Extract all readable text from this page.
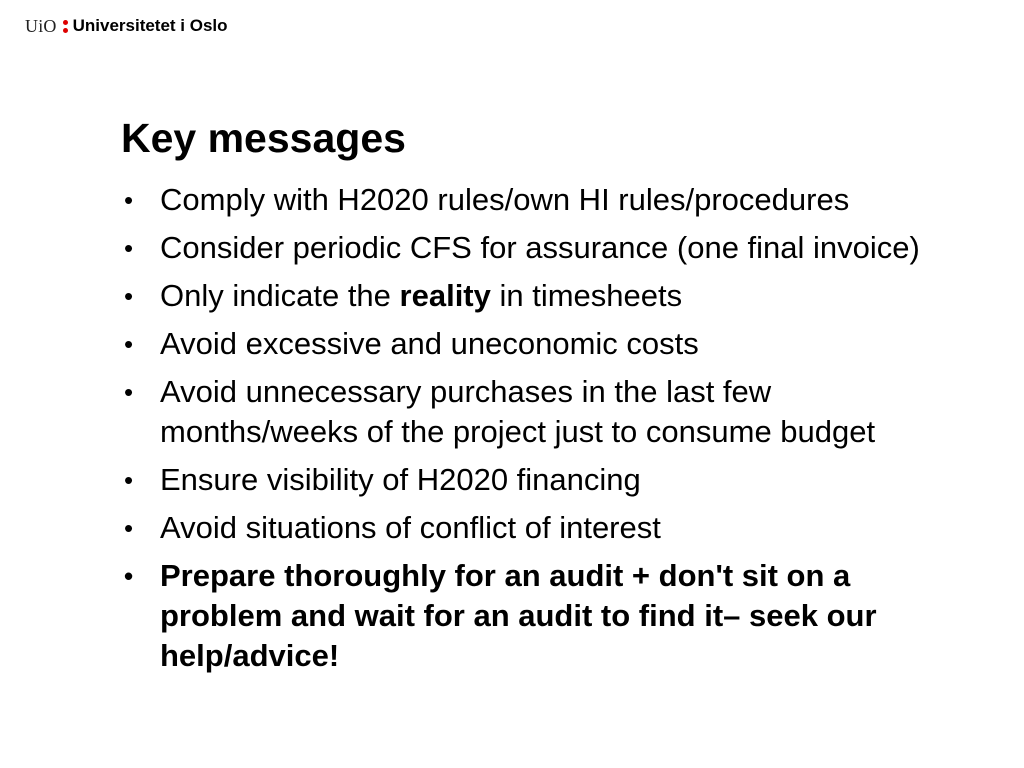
UiO Universitetet i Oslo
Key messages
• Comply with H2020 rules/own HI rules/procedures
• Consider periodic CFS for assurance (one final invoice)
• Only indicate the reality in timesheets
• Avoid excessive and uneconomic costs
• Avoid unnecessary purchases in the last few months/weeks of the project just to consume budget
• Ensure visibility of H2020 financing
• Avoid situations of conflict of interest
• Prepare thoroughly for an audit + don't sit on a problem and wait for an audit to find it– seek our help/advice!
